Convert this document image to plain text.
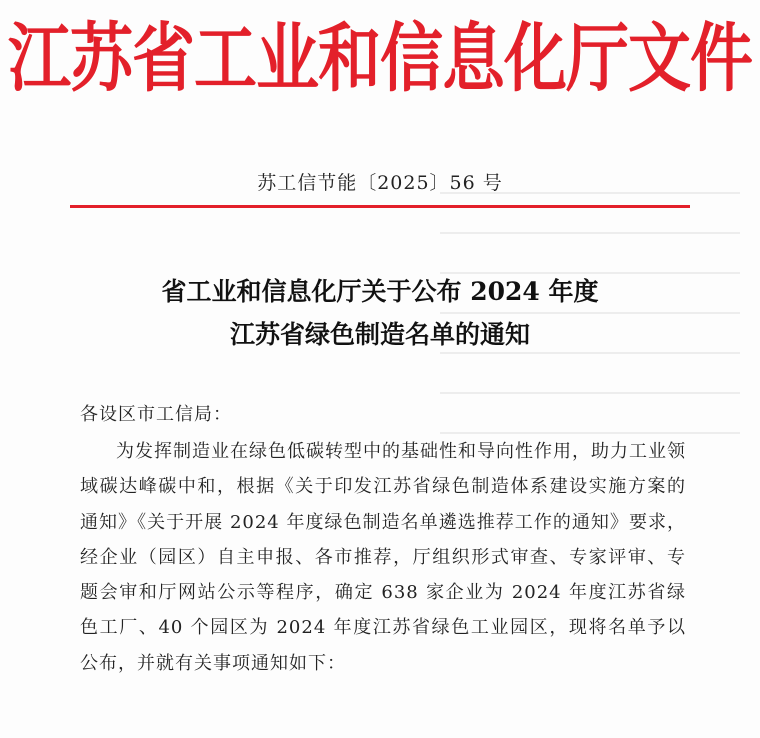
江苏省工业和信息化厅文件
苏工信节能〔2025〕56 号
省工业和信息化厅关于公布 2024 年度
江苏省绿色制造名单的通知
各设区市工信局：

为发挥制造业在绿色低碳转型中的基础性和导向性作用，助力工业领域碳达峰碳中和，根据《关于印发江苏省绿色制造体系建设实施方案的通知》《关于开展 2024 年度绿色制造名单遴选推荐工作的通知》要求，经企业（园区）自主申报、各市推荐，厅组织形式审查、专家评审、专题会审和厅网站公示等程序，确定 638 家企业为 2024 年度江苏省绿色工厂、40 个园区为 2024 年度江苏省绿色工业园区，现将名单予以公布，并就有关事项通知如下：
